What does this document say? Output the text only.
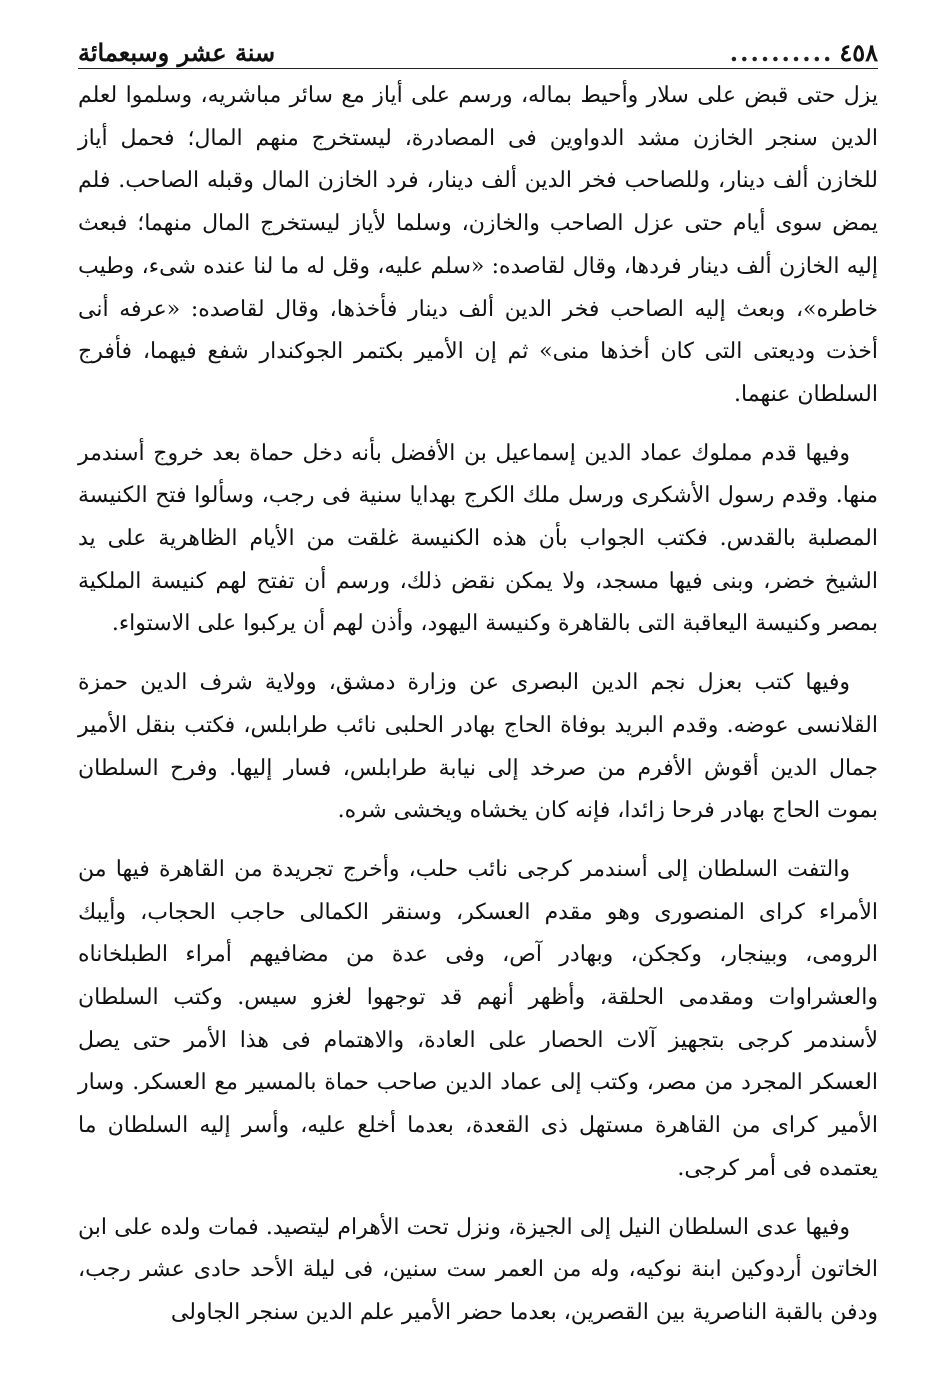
٤٥٨
..........
سنة عشر وسبعمائة

يزل حتى قبض على سلار وأحيط بماله، ورسم على أياز مع سائر مباشريه، وسلموا لعلم الدين سنجر الخازن مشد الدواوين فى المصادرة، ليستخرج منهم المال؛ فحمل أياز للخازن ألف دينار، وللصاحب فخر الدين ألف دينار، فرد الخازن المال وقبله الصاحب. فلم يمض سوى أيام حتى عزل الصاحب والخازن، وسلما لأياز ليستخرج المال منهما؛ فبعث إليه الخازن ألف دينار فردها، وقال لقاصده: «سلم عليه، وقل له ما لنا عنده شىء، وطيب خاطره»، وبعث إليه الصاحب فخر الدين ألف دينار فأخذها، وقال لقاصده: «عرفه أنى أخذت وديعتى التى كان أخذها منى» ثم إن الأمير بكتمر الجوكندار شفع فيهما، فأفرج السلطان عنهما.

وفيها قدم مملوك عماد الدين إسماعيل بن الأفضل بأنه دخل حماة بعد خروج أسندمر منها. وقدم رسول الأشكرى ورسل ملك الكرج بهدايا سنية فى رجب، وسألوا فتح الكنيسة المصلبة بالقدس. فكتب الجواب بأن هذه الكنيسة غلقت من الأيام الظاهرية على يد الشيخ خضر، وبنى فيها مسجد، ولا يمكن نقض ذلك، ورسم أن تفتح لهم كنيسة الملكية بمصر وكنيسة اليعاقبة التى بالقاهرة وكنيسة اليهود، وأذن لهم أن يركبوا على الاستواء.

وفيها كتب بعزل نجم الدين البصرى عن وزارة دمشق، وولاية شرف الدين حمزة القلانسى عوضه. وقدم البريد بوفاة الحاج بهادر الحلبى نائب طرابلس، فكتب بنقل الأمير جمال الدين أقوش الأفرم من صرخد إلى نيابة طرابلس، فسار إليها. وفرح السلطان بموت الحاج بهادر فرحا زائدا، فإنه كان يخشاه ويخشى شره.

والتفت السلطان إلى أسندمر كرجى نائب حلب، وأخرج تجريدة من القاهرة فيها من الأمراء كراى المنصورى وهو مقدم العسكر، وسنقر الكمالى حاجب الحجاب، وأيبك الرومى، وبينجار، وكجكن، وبهادر آص، وفى عدة من مضافيهم أمراء الطبلخاناه والعشراوات ومقدمى الحلقة، وأظهر أنهم قد توجهوا لغزو سيس. وكتب السلطان لأسندمر كرجى بتجهيز آلات الحصار على العادة، والاهتمام فى هذا الأمر حتى يصل العسكر المجرد من مصر، وكتب إلى عماد الدين صاحب حماة بالمسير مع العسكر. وسار الأمير كراى من القاهرة مستهل ذى القعدة، بعدما أخلع عليه، وأسر إليه السلطان ما يعتمده فى أمر كرجى.

وفيها عدى السلطان النيل إلى الجيزة، ونزل تحت الأهرام ليتصيد. فمات ولده على ابن الخاتون أردوكين ابنة نوكيه، وله من العمر ست سنين، فى ليلة الأحد حادى عشر رجب، ودفن بالقبة الناصرية بين القصرين، بعدما حضر الأمير علم الدين سنجر الجاولى
